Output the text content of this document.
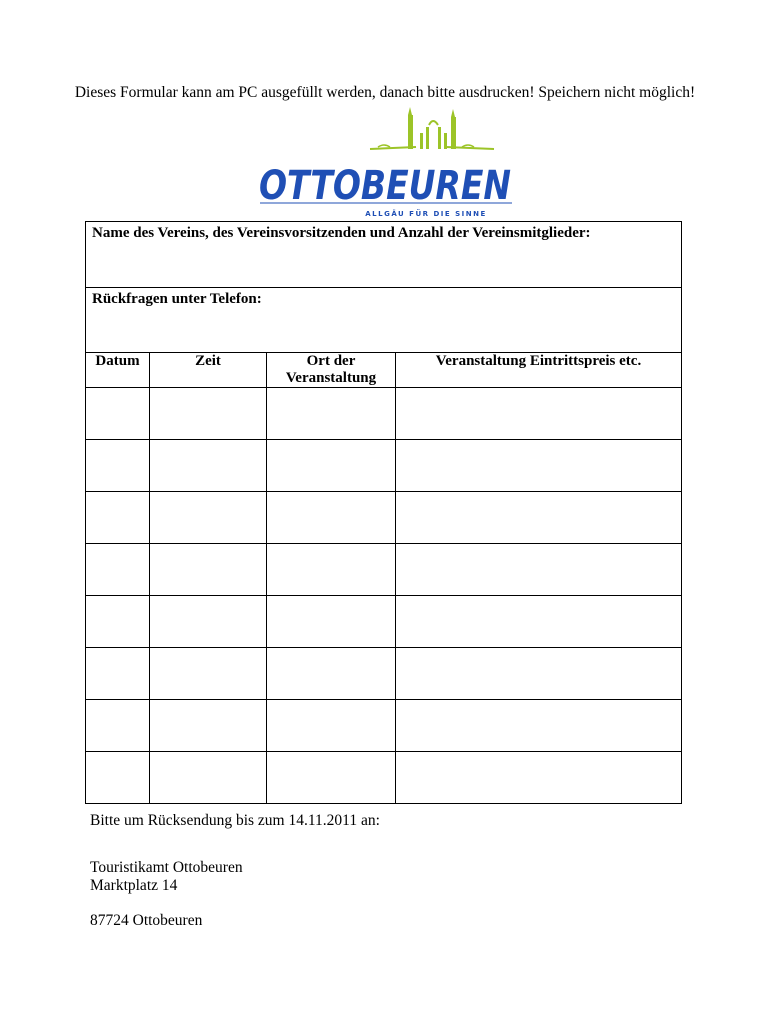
Dieses Formular kann am PC ausgefüllt werden, danach bitte ausdrucken! Speichern nicht möglich!
OTTOBEUREN
ALLGÄU FÜR DIE SINNE
Name des Vereins, des Vereinsvorsitzenden und Anzahl der Vereinsmitglieder:			

Rückfragen unter Telefon:			

Datum	Zeit	Ort der Veranstaltung	Veranstaltung Eintrittspreis etc.

Bitte um Rücksendung bis zum 14.11.2011 an:
Touristikamt Ottobeuren
Marktplatz 14
87724 Ottobeuren
